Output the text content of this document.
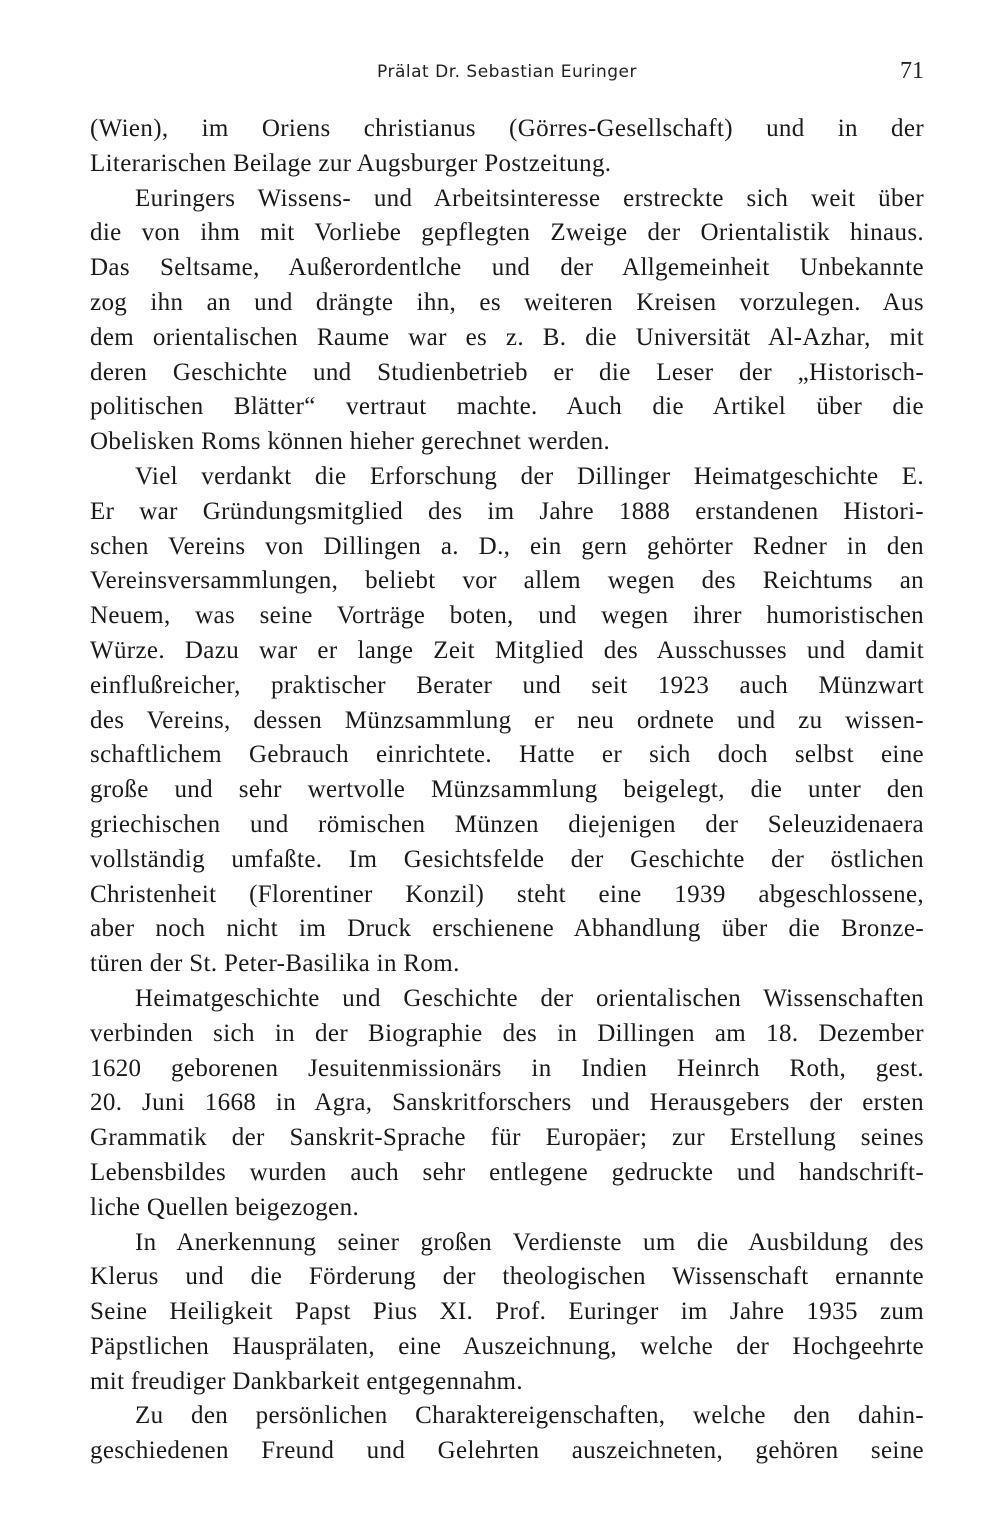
Prälat Dr. Sebastian Euringer	71
(Wien), im Oriens christianus (Görres-Gesellschaft) und in der
Literarischen Beilage zur Augsburger Postzeitung.
Euringers Wissens- und Arbeitsinteresse erstreckte sich weit über
die von ihm mit Vorliebe gepflegten Zweige der Orientalistik hinaus.
Das Seltsame, Außerordentlche und der Allgemeinheit Unbekannte
zog ihn an und drängte ihn, es weiteren Kreisen vorzulegen. Aus
dem orientalischen Raume war es z. B. die Universität Al-Azhar, mit
deren Geschichte und Studienbetrieb er die Leser der „Historisch-
politischen Blätter“ vertraut machte. Auch die Artikel über die
Obelisken Roms können hieher gerechnet werden.
Viel verdankt die Erforschung der Dillinger Heimatgeschichte E.
Er war Gründungsmitglied des im Jahre 1888 erstandenen Histori-
schen Vereins von Dillingen a. D., ein gern gehörter Redner in den
Vereinsversammlungen, beliebt vor allem wegen des Reichtums an
Neuem, was seine Vorträge boten, und wegen ihrer humoristischen
Würze. Dazu war er lange Zeit Mitglied des Ausschusses und damit
einflußreicher, praktischer Berater und seit 1923 auch Münzwart
des Vereins, dessen Münzsammlung er neu ordnete und zu wissen-
schaftlichem Gebrauch einrichtete. Hatte er sich doch selbst eine
große und sehr wertvolle Münzsammlung beigelegt, die unter den
griechischen und römischen Münzen diejenigen der Seleuzidenaera
vollständig umfaßte. Im Gesichtsfelde der Geschichte der östlichen
Christenheit (Florentiner Konzil) steht eine 1939 abgeschlossene,
aber noch nicht im Druck erschienene Abhandlung über die Bronze-
türen der St. Peter-Basilika in Rom.
Heimatgeschichte und Geschichte der orientalischen Wissenschaften
verbinden sich in der Biographie des in Dillingen am 18. Dezember
1620 geborenen Jesuitenmissionärs in Indien Heinrch Roth, gest.
20. Juni 1668 in Agra, Sanskritforschers und Herausgebers der ersten
Grammatik der Sanskrit-Sprache für Europäer; zur Erstellung seines
Lebensbildes wurden auch sehr entlegene gedruckte und handschrift-
liche Quellen beigezogen.
In Anerkennung seiner großen Verdienste um die Ausbildung des
Klerus und die Förderung der theologischen Wissenschaft ernannte
Seine Heiligkeit Papst Pius XI. Prof. Euringer im Jahre 1935 zum
Päpstlichen Hausprälaten, eine Auszeichnung, welche der Hochgeehrte
mit freudiger Dankbarkeit entgegennahm.
Zu den persönlichen Charaktereigenschaften, welche den dahin-
geschiedenen Freund und Gelehrten auszeichneten, gehören seine
